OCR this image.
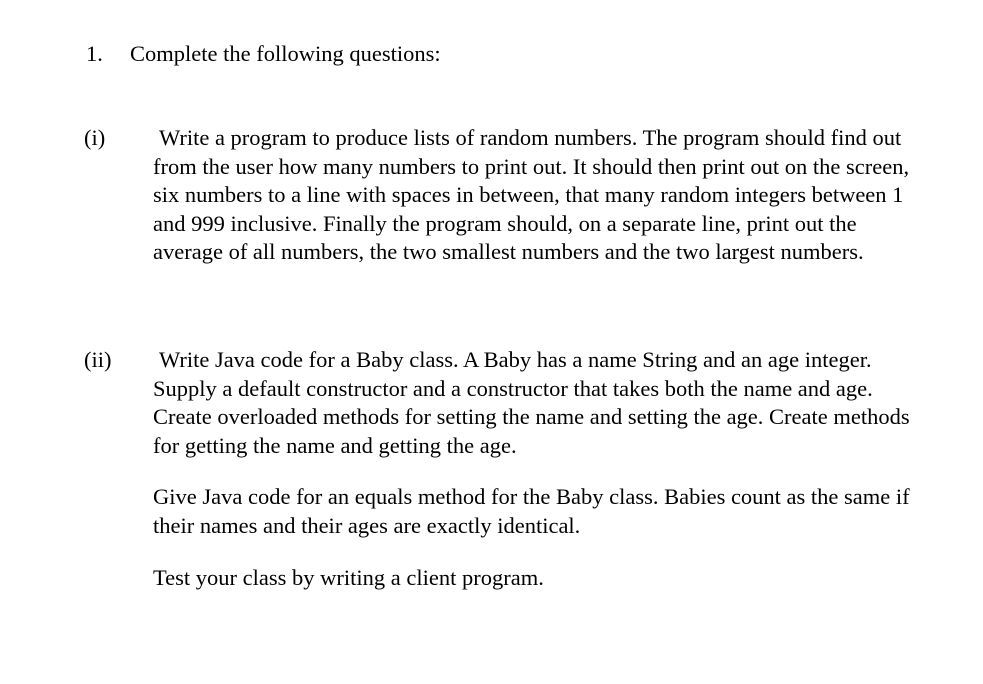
1. Complete the following questions:

(i) Write a program to produce lists of random numbers. The program should find out from the user how many numbers to print out. It should then print out on the screen, six numbers to a line with spaces in between, that many random integers between 1 and 999 inclusive. Finally the program should, on a separate line, print out the average of all numbers, the two smallest numbers and the two largest numbers.

(ii) Write Java code for a Baby class. A Baby has a name String and an age integer. Supply a default constructor and a constructor that takes both the name and age. Create overloaded methods for setting the name and setting the age. Create methods for getting the name and getting the age.

Give Java code for an equals method for the Baby class. Babies count as the same if their names and their ages are exactly identical.

Test your class by writing a client program.
